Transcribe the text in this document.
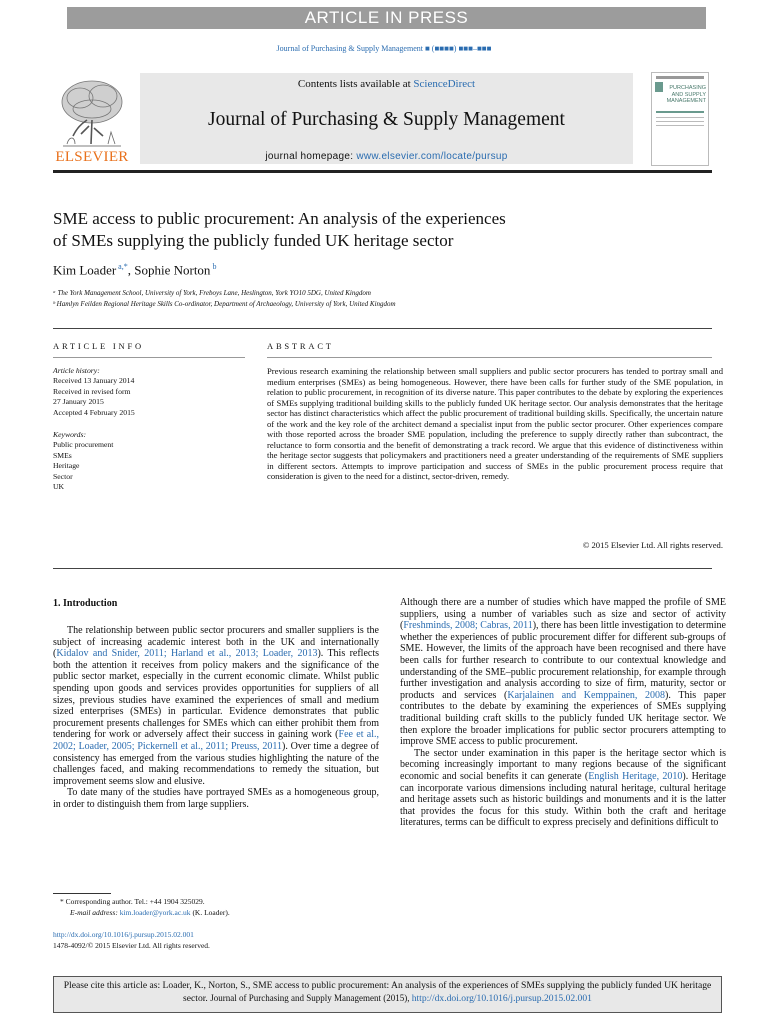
ARTICLE IN PRESS
Journal of Purchasing & Supply Management ■ (■■■■) ■■■–■■■
ELSEVIER
Contents lists available at ScienceDirect
Journal of Purchasing & Supply Management
journal homepage: www.elsevier.com/locate/pursup
PURCHASING
AND SUPPLY
MANAGEMENT
SME access to public procurement: An analysis of the experiences
of SMEs supplying the publicly funded UK heritage sector
Kim Loader $^{a,*}$, Sophie Norton $^b$
ᵃ The York Management School, University of York, Freboys Lane, Heslington, York YO10 5DG, United Kingdom
ᵇ Hamlyn Feilden Regional Heritage Skills Co-ordinator, Department of Archaeology, University of York, United Kingdom
ARTICLE INFO	ABSTRACT
Article history:
Received 13 January 2014
Received in revised form
27 January 2015
Accepted 4 February 2015
Keywords:
Public procurement
SMEs
Heritage
Sector
UK
Previous research examining the relationship between small suppliers and public sector procurers has tended to portray small and medium enterprises (SMEs) as being homogeneous. However, there have been calls for further study of the SME population, in relation to public procurement, in recognition of its diverse nature. This paper contributes to the debate by exploring the experiences of SMEs supplying traditional building skills to the publicly funded UK heritage sector. Our analysis demonstrates that the heritage sector has distinct characteristics which affect the public procurement of traditional building skills. Specifically, the uncertain nature of the work and the key role of the architect demand a specialist input from the public sector procurer. Other experiences compare with those reported across the broader SME population, including the preference to supply directly rather than subcontract, the reluctance to form consortia and the benefit of demonstrating a track record. We argue that this evidence of distinctiveness within the heritage sector suggests that policymakers and practitioners need a greater understanding of the requirements of SME suppliers in different sectors. Attempts to improve participation and success of SMEs in the public procurement process require that consideration is given to the need for a distinct, sector-driven, remedy.
© 2015 Elsevier Ltd. All rights reserved.
1. Introduction

The relationship between public sector procurers and smaller suppliers is the subject of increasing academic interest both in the UK and internationally (Kidalov and Snider, 2011; Harland et al., 2013; Loader, 2013). This reflects both the attention it receives from policy makers and the significance of the public sector market, especially in the current economic climate. Whilst public spending upon goods and services provides opportunities for suppliers of all sizes, previous studies have examined the experiences of small and medium sized enterprises (SMEs) in particular. Evidence demonstrates that public procurement presents challenges for SMEs which can either prohibit them from tendering for work or adversely affect their success in gaining work (Fee et al., 2002; Loader, 2005; Pickernell et al., 2011; Preuss, 2011). Over time a degree of consistency has emerged from the various studies highlighting the nature of the challenges faced, and making recommendations to remedy the situation, but improvement seems slow and elusive.

To date many of the studies have portrayed SMEs as a homogeneous group, in order to distinguish them from large suppliers.

Although there are a number of studies which have mapped the profile of SME suppliers, using a number of variables such as size and sector of activity (Freshminds, 2008; Cabras, 2011), there has been little investigation to determine whether the experiences of public procurement differ for different sub-groups of SME. However, the limits of the approach have been recognised and there have been calls for further research to contribute to our contextual knowledge and understanding of the SME–public procurement relationship, for example through further investigation and analysis according to size of firm, maturity, sector or products and services (Karjalainen and Kemppainen, 2008). This paper contributes to the debate by examining the experiences of SMEs supplying traditional building craft skills to the publicly funded UK heritage sector. We then explore the broader implications for public sector procurers attempting to improve SME access to public procurement.

The sector under examination in this paper is the heritage sector which is becoming increasingly important to many regions because of the significant economic and social benefits it can generate (English Heritage, 2010). Heritage can incorporate various dimensions including natural heritage, cultural heritage and heritage assets such as historic buildings and monuments and it is the latter that provides the focus for this study. Within both the craft and heritage literatures, terms can be difficult to express precisely and definitions difficult to

* Corresponding author. Tel.: +44 1904 325029.
E-mail address: kim.loader@york.ac.uk (K. Loader).
http://dx.doi.org/10.1016/j.pursup.2015.02.001
1478-4092/© 2015 Elsevier Ltd. All rights reserved.
Please cite this article as: Loader, K., Norton, S., SME access to public procurement: An analysis of the experiences of SMEs supplying the publicly funded UK heritage sector. Journal of Purchasing and Supply Management (2015), http://dx.doi.org/10.1016/j.pursup.2015.02.001
